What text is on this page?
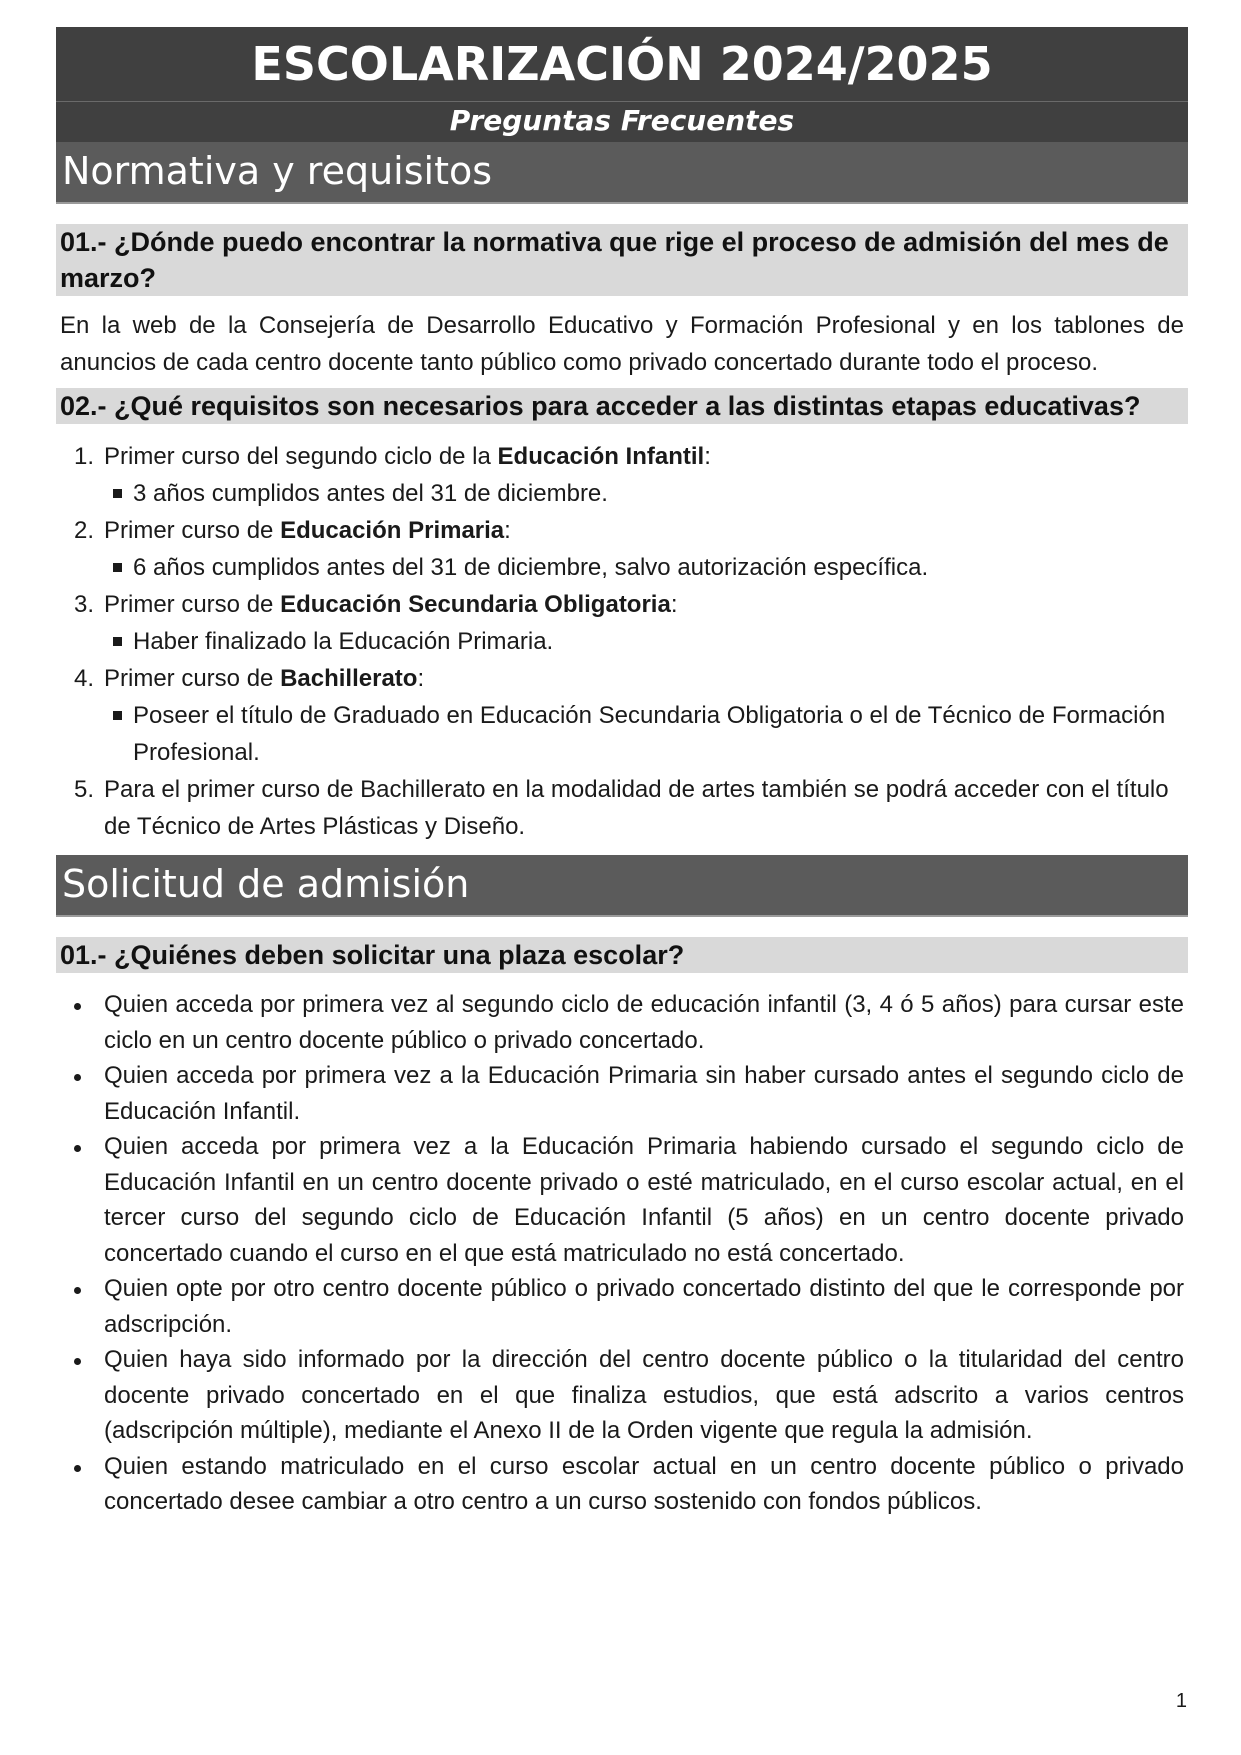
ESCOLARIZACIÓN 2024/2025
Preguntas Frecuentes
Normativa y requisitos
01.- ¿Dónde puedo encontrar la normativa que rige el proceso de admisión del mes de marzo?

En la web de la Consejería de Desarrollo Educativo y Formación Profesional y en los tablones de anuncios de cada centro docente tanto público como privado concertado durante todo el proceso.

02.- ¿Qué requisitos son necesarios para acceder a las distintas etapas educativas?
1. Primer curso del segundo ciclo de la Educación Infantil:
3 años cumplidos antes del 31 de diciembre.
2. Primer curso de Educación Primaria:
6 años cumplidos antes del 31 de diciembre, salvo autorización específica.
3. Primer curso de Educación Secundaria Obligatoria:
Haber finalizado la Educación Primaria.
4. Primer curso de Bachillerato:
Poseer el título de Graduado en Educación Secundaria Obligatoria o el de Técnico de Formación Profesional.
5. Para el primer curso de Bachillerato en la modalidad de artes también se podrá acceder con el título de Técnico de Artes Plásticas y Diseño.
Solicitud de admisión
01.- ¿Quiénes deben solicitar una plaza escolar?
Quien acceda por primera vez al segundo ciclo de educación infantil (3, 4 ó 5 años) para cursar este ciclo en un centro docente público o privado concertado.
Quien acceda por primera vez a la Educación Primaria sin haber cursado antes el segundo ciclo de Educación Infantil.
Quien acceda por primera vez a la Educación Primaria habiendo cursado el segundo ciclo de Educación Infantil en un centro docente privado o esté matriculado, en el curso escolar actual, en el tercer curso del segundo ciclo de Educación Infantil (5 años) en un centro docente privado concertado cuando el curso en el que está matriculado no está concertado.
Quien opte por otro centro docente público o privado concertado distinto del que le corresponde por adscripción.
Quien haya sido informado por la dirección del centro docente público o la titularidad del centro docente privado concertado en el que finaliza estudios, que está adscrito a varios centros (adscripción múltiple), mediante el Anexo II de la Orden vigente que regula la admisión.
Quien estando matriculado en el curso escolar actual en un centro docente público o privado concertado desee cambiar a otro centro a un curso sostenido con fondos públicos.
1
